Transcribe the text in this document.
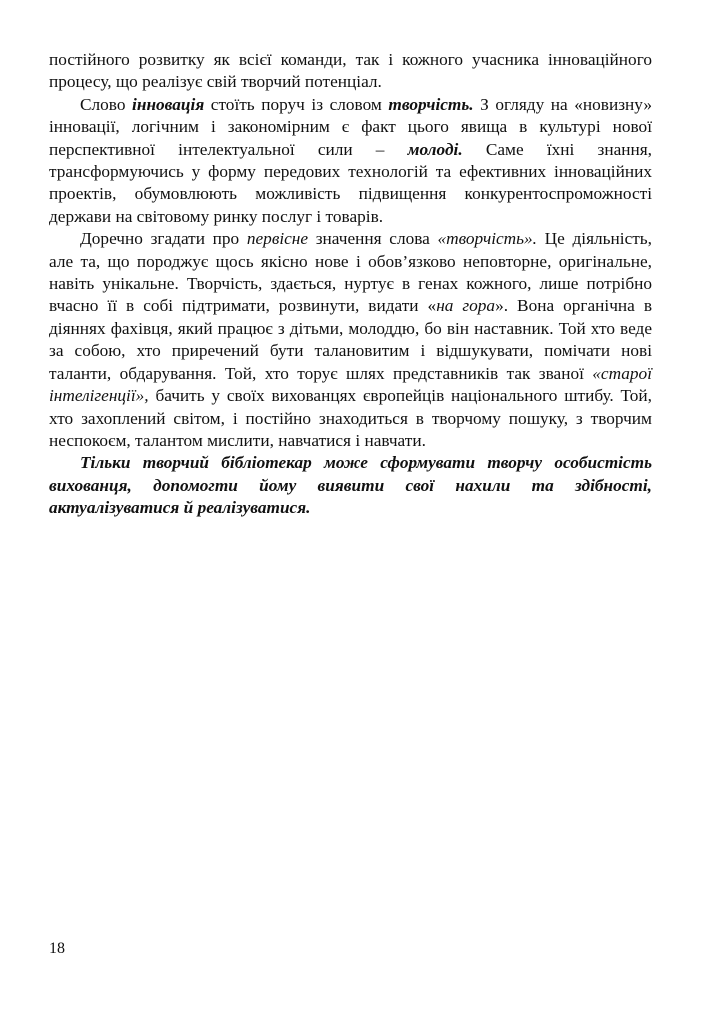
постійного розвитку як всієї команди, так і кожного учасника інноваційного процесу, що реалізує свій творчий потенціал.

Слово інновація стоїть поруч із словом творчість. З огляду на «новизну» інновації, логічним і закономірним є факт цього явища в культурі нової перспективної інтелектуальної сили – молоді. Саме їхні знання, трансформуючись у форму передових технологій та ефективних інноваційних проектів, обумовлюють можливість підвищення конкурентоспроможності держави на світовому ринку послуг і товарів.

Доречно згадати про первісне значення слова «творчість». Це діяльність, але та, що породжує щось якісно нове і обов’язково неповторне, оригінальне, навіть унікальне. Творчість, здається, нуртує в генах кожного, лише потрібно вчасно її в собі підтримати, розвинути, видати «на гора». Вона органічна в діяннях фахівця, який працює з дітьми, молоддю, бо він наставник. Той хто веде за собою, хто приречений бути талановитим і відшукувати, помічати нові таланти, обдарування. Той, хто торує шлях представників так званої «старої інтелігенції», бачить у своїх вихованцях європейців національного штибу. Той, хто захоплений світом, і постійно знаходиться в творчому пошуку, з творчим неспокоєм, талантом мислити, навчатися і навчати.

Тільки творчий бібліотекар може сформувати творчу особистість вихованця, допомогти йому виявити свої нахили та здібності, актуалізуватися й реалізуватися.

18
